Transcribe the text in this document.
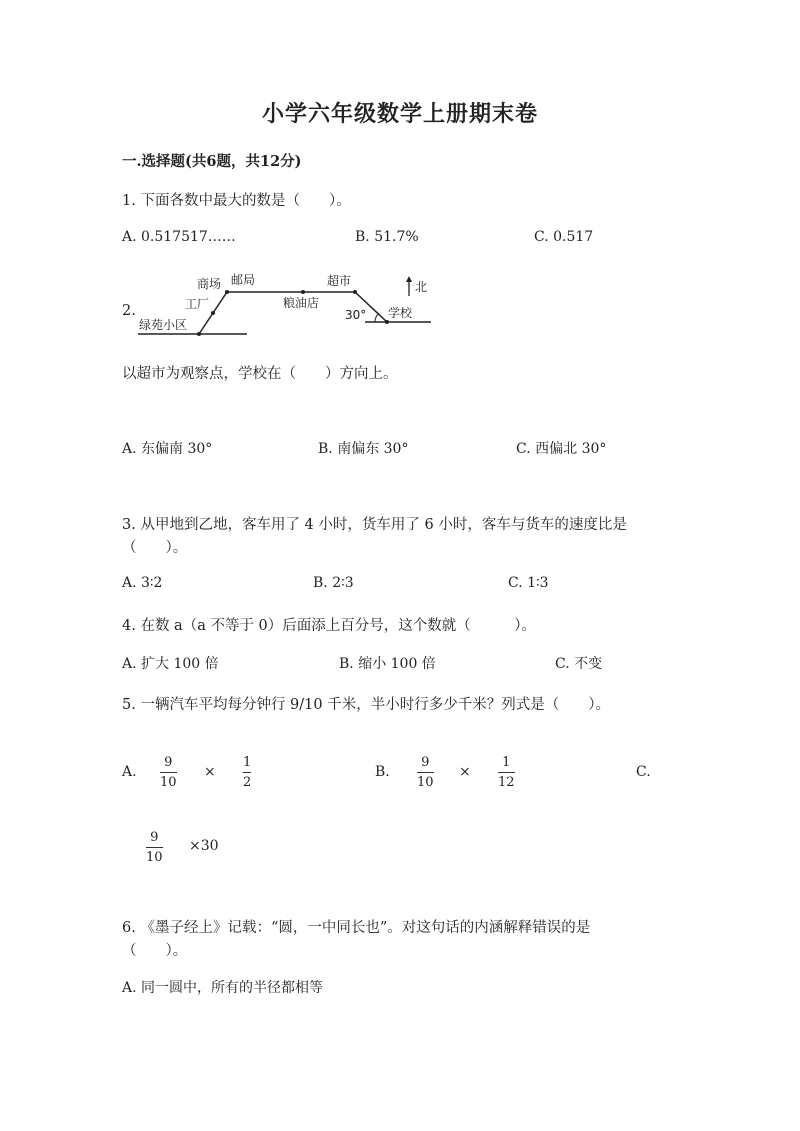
小学六年级数学上册期末卷
一.选择题(共6题，共12分)
1. 下面各数中最大的数是（　　）。
A. 0.517517……	B. 51.7%	C. 0.517
2.
商场 邮局	超市	北
工厂	粮油店
30° 学校
绿苑小区
以超市为观察点，学校在（　　）方向上。
A. 东偏南 30°	B. 南偏东 30°	C. 西偏北 30°
3. 从甲地到乙地，客车用了 4 小时，货车用了 6 小时，客车与货车的速度比是
（　　）。
A. 3∶2	B. 2∶3	C. 1∶3
4. 在数 a（a 不等于 0）后面添上百分号，这个数就（　　　）。
A. 扩大 100 倍	B. 缩小 100 倍	C. 不变
5. 一辆汽车平均每分钟行 9/10 千米，半小时行多少千米？列式是（　　）。
A.
9
10
×
1
2
B.
9
10
×
1
12
C.
9
10
×30
6. 《墨子经上》记载：“圆，一中同长也”。对这句话的内涵解释错误的是
（　　）。
A. 同一圆中，所有的半径都相等
